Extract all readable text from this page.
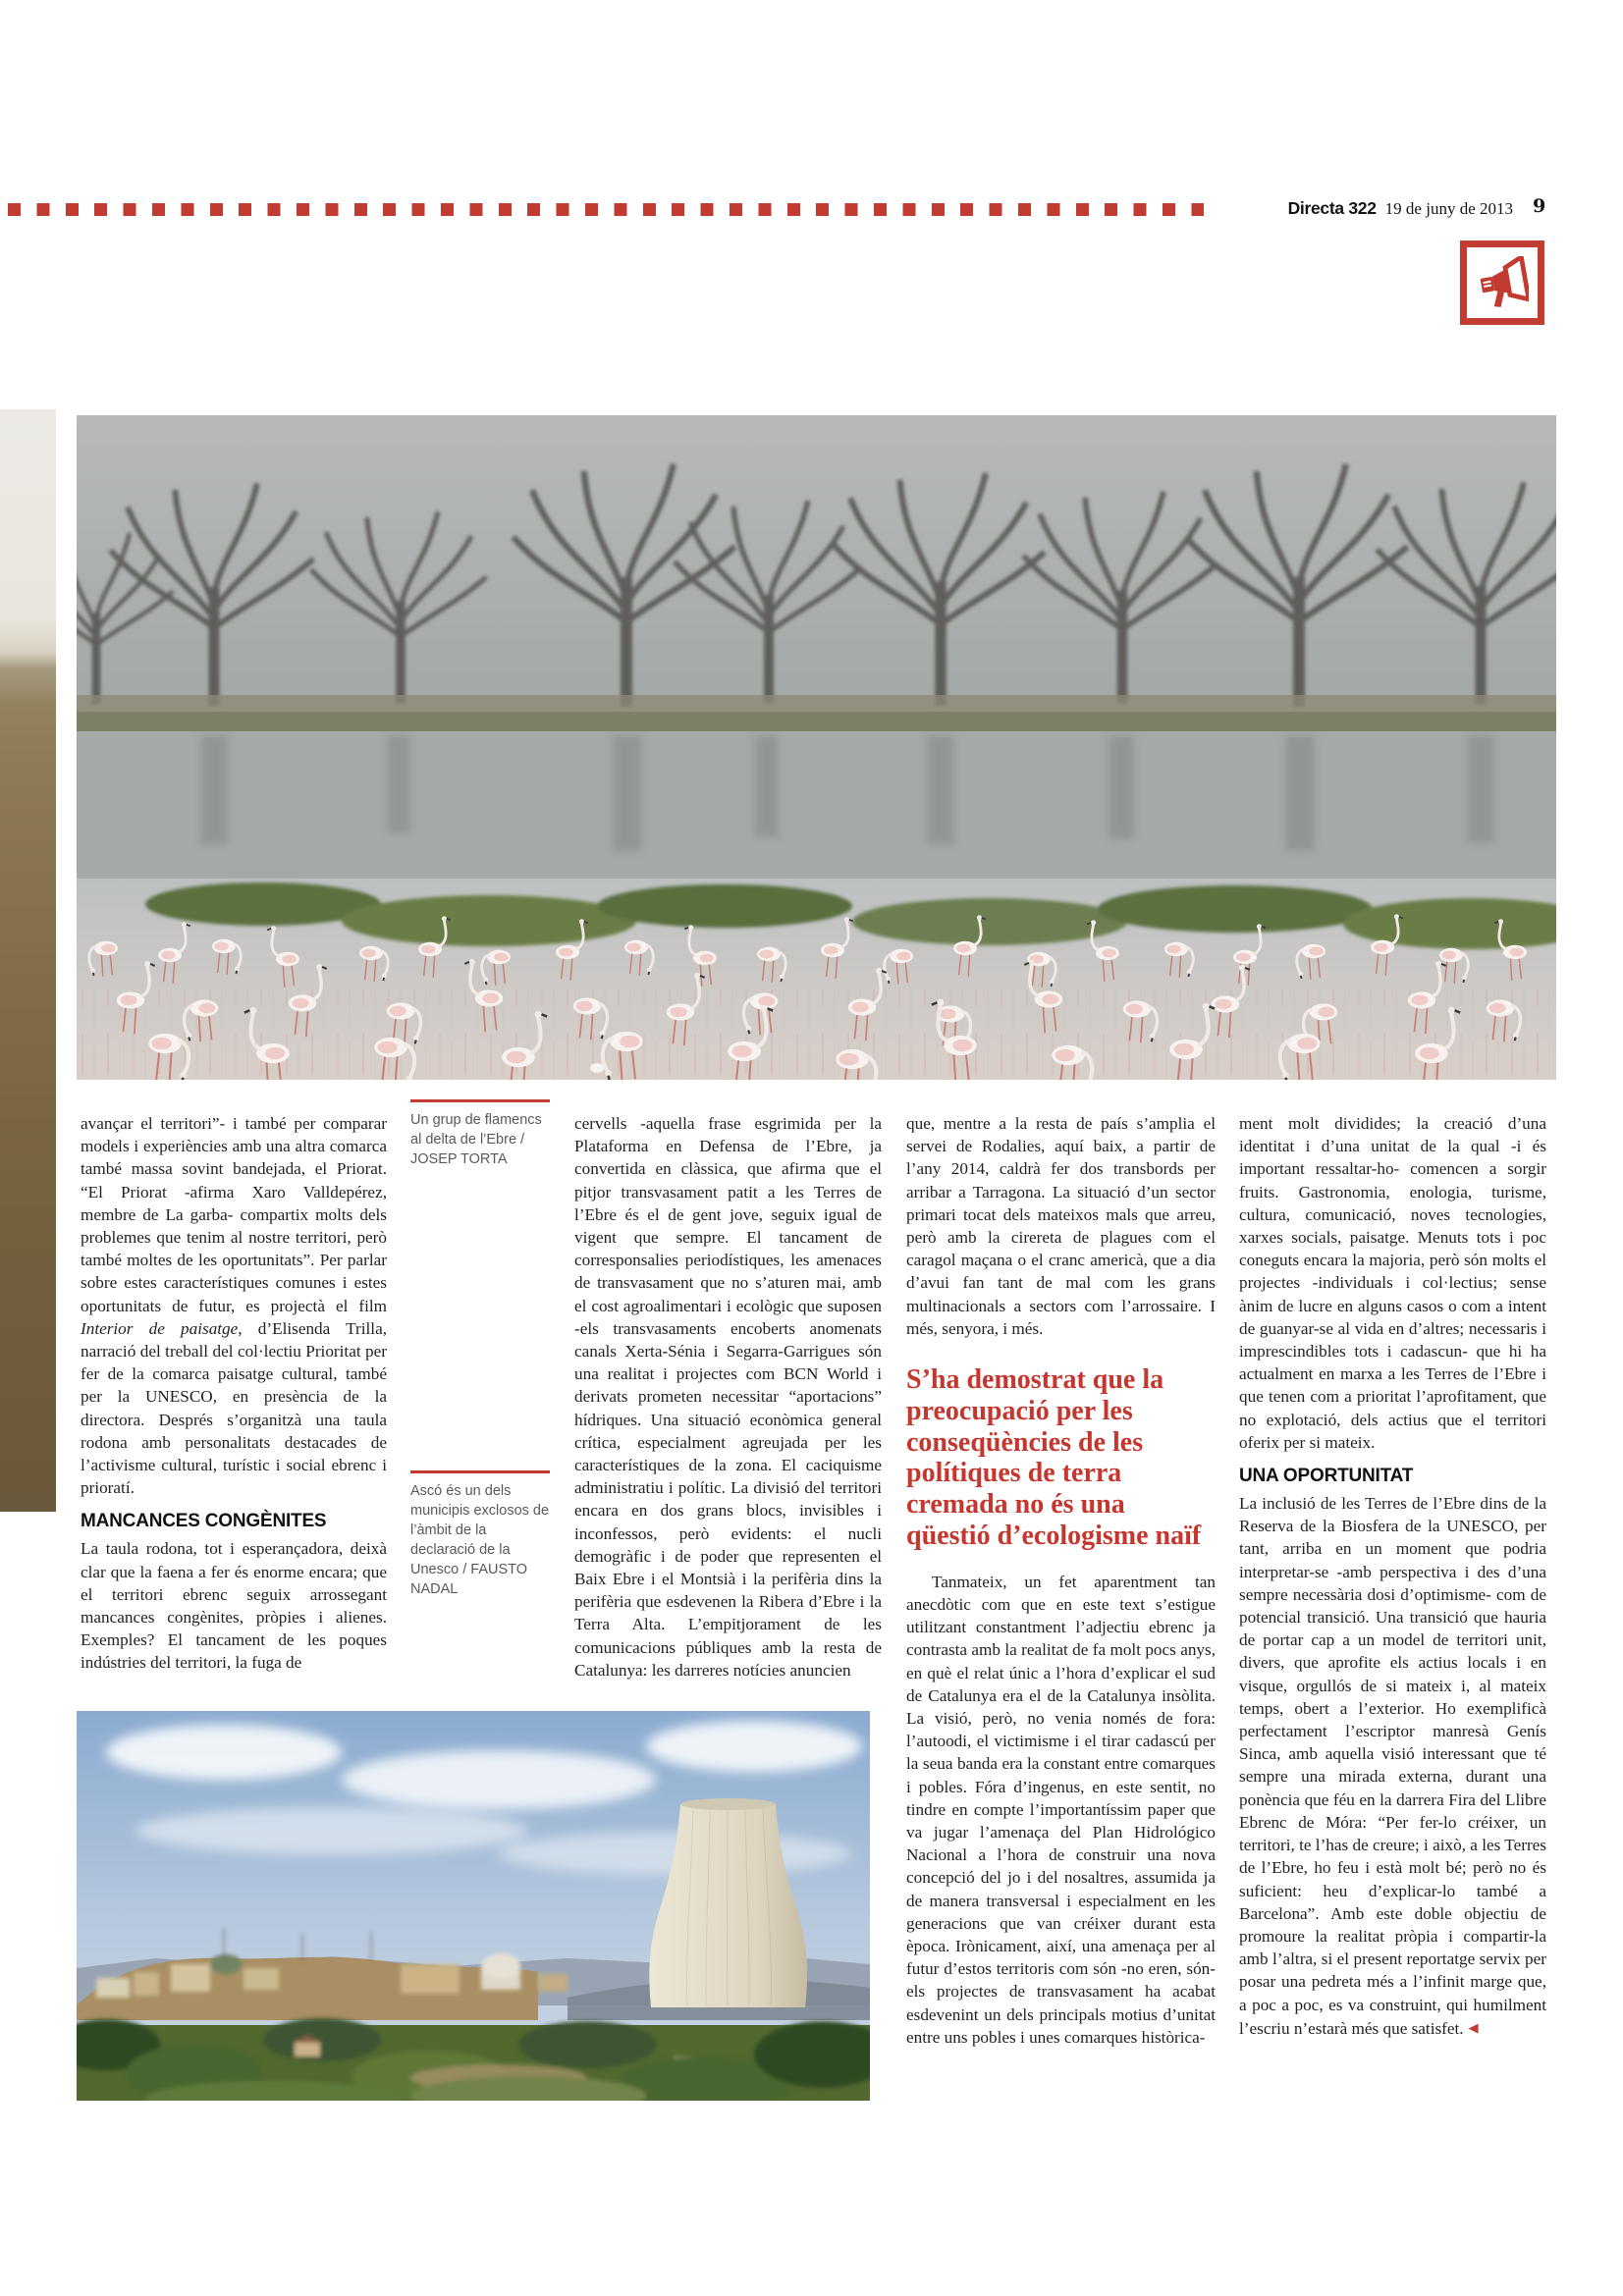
Directa 322 19 de juny de 2013 9

Un grup de flamencs al delta de l’Ebre / JOSEP TORTA

Ascó és un dels municipis exclosos de l’àmbit de la declaració de la Unesco / FAUSTO NADAL

avançar el territori”- i també per comparar models i experiències amb una altra comarca també massa sovint bandejada, el Priorat. “El Priorat -afirma Xaro Valldepérez, membre de La garba- compartix molts dels problemes que tenim al nostre territori, però també moltes de les oportunitats”. Per parlar sobre estes característiques comunes i estes oportunitats de futur, es projectà el film Interior de paisatge, d’Elisenda Trilla, narració del treball del col·lectiu Prioritat per fer de la comarca paisatge cultural, també per la UNESCO, en presència de la directora. Després s’organitzà una taula rodona amb personalitats destacades de l’activisme cultural, turístic i social ebrenc i prioratí.

MANCANCES CONGÈNITES

La taula rodona, tot i esperançadora, deixà clar que la faena a fer és enorme encara; que el territori ebrenc seguix arrossegant mancances congènites, pròpies i alienes. Exemples? El tancament de les poques indústries del territori, la fuga de

cervells -aquella frase esgrimida per la Plataforma en Defensa de l’Ebre, ja convertida en clàssica, que afirma que el pitjor transvasament patit a les Terres de l’Ebre és el de gent jove, seguix igual de vigent que sempre. El tancament de corresponsalies periodístiques, les amenaces de transvasament que no s’aturen mai, amb el cost agroalimentari i ecològic que suposen -els transvasaments encoberts anomenats canals Xerta-Sénia i Segarra-Garrigues són una realitat i projectes com BCN World i derivats prometen necessitar “aportacions” hídriques. Una situació econòmica general crítica, especialment agreujada per les característiques de la zona. El caciquisme administratiu i polític. La divisió del territori encara en dos grans blocs, invisibles i inconfessos, però evidents: el nucli demogràfic i de poder que representen el Baix Ebre i el Montsià i la perifèria dins la perifèria que esdevenen la Ribera d’Ebre i la Terra Alta. L’empitjorament de les comunicacions públiques amb la resta de Catalunya: les darreres notícies anuncien

que, mentre a la resta de país s’amplia el servei de Rodalies, aquí baix, a partir de l’any 2014, caldrà fer dos transbords per arribar a Tarragona. La situació d’un sector primari tocat dels mateixos mals que arreu, però amb la cirereta de plagues com el caragol maçana o el cranc americà, que a dia d’avui fan tant de mal com les grans multinacionals a sectors com l’arrossaire. I més, senyora, i més.

S’ha demostrat que la preocupació per les conseqüències de les polítiques de terra cremada no és una qüestió d’ecologisme naïf

Tanmateix, un fet aparentment tan anecdòtic com que en este text s’estigue utilitzant constantment l’adjectiu ebrenc ja contrasta amb la realitat de fa molt pocs anys, en què el relat únic a l’hora d’explicar el sud de Catalunya era el de la Catalunya insòlita. La visió, però, no venia només de fora: l’autoodi, el victimisme i el tirar cadascú per la seua banda era la constant entre comarques i pobles. Fóra d’ingenus, en este sentit, no tindre en compte l’importantíssim paper que va jugar l’amenaça del Plan Hidrológico Nacional a l’hora de construir una nova concepció del jo i del nosaltres, assumida ja de manera transversal i especialment en les generacions que van créixer durant esta època. Irònicament, així, una amenaça per al futur d’estos territoris com són -no eren, són- els projectes de transvasament ha acabat esdevenint un dels principals motius d’unitat entre uns pobles i unes comarques històrica-

ment molt dividides; la creació d’una identitat i d’una unitat de la qual -i és important ressaltar-ho- comencen a sorgir fruits. Gastronomia, enologia, turisme, cultura, comunicació, noves tecnologies, xarxes socials, paisatge. Menuts tots i poc coneguts encara la majoria, però són molts el projectes -individuals i col·lectius; sense ànim de lucre en alguns casos o com a intent de guanyar-se al vida en d’altres; necessaris i imprescindibles tots i cadascun- que hi ha actualment en marxa a les Terres de l’Ebre i que tenen com a prioritat l’aprofitament, que no explotació, dels actius que el territori oferix per si mateix.

UNA OPORTUNITAT

La inclusió de les Terres de l’Ebre dins de la Reserva de la Biosfera de la UNESCO, per tant, arriba en un moment que podria interpretar-se -amb perspectiva i des d’una sempre necessària dosi d’optimisme- com de potencial transició. Una transició que hauria de portar cap a un model de territori unit, divers, que aprofite els actius locals i en visque, orgullós de si mateix i, al mateix temps, obert a l’exterior. Ho exemplificà perfectament l’escriptor manresà Genís Sinca, amb aquella visió interessant que té sempre una mirada externa, durant una ponència que féu en la darrera Fira del Llibre Ebrenc de Móra: “Per fer-lo créixer, un territori, te l’has de creure; i això, a les Terres de l’Ebre, ho feu i està molt bé; però no és suficient: heu d’explicar-lo també a Barcelona”. Amb este doble objectiu de promoure la realitat pròpia i compartir-la amb l’altra, si el present reportatge servix per posar una pedreta més a l’infinit marge que, a poc a poc, es va construint, qui humilment l’escriu n’estarà més que satisfet. ◀
